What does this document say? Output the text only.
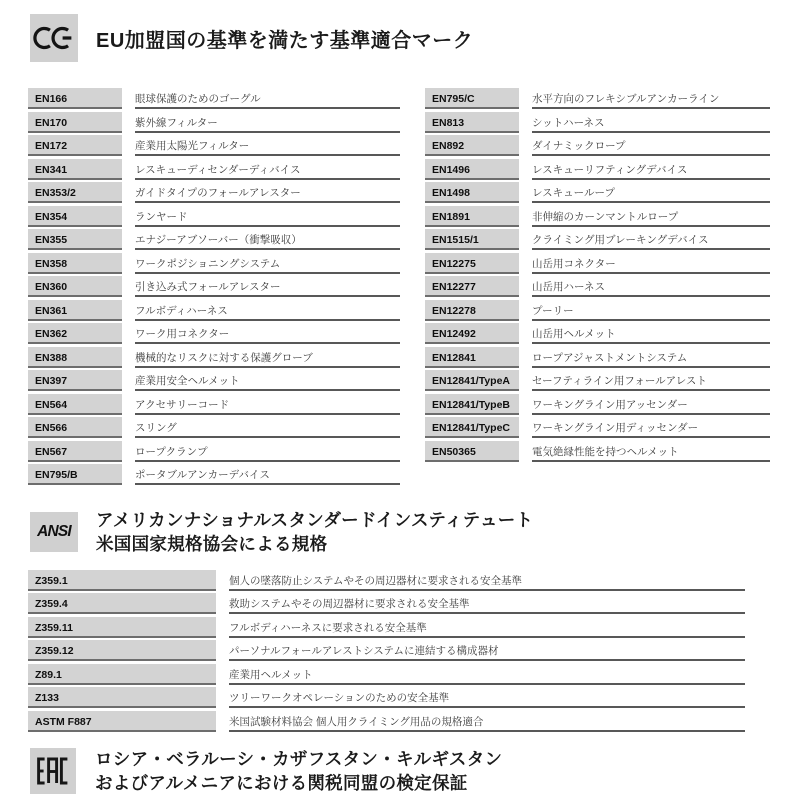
EU加盟国の基準を満たす基準適合マーク
EN166	眼球保護のためのゴーグル
EN170	紫外線フィルター
EN172	産業用太陽光フィルター
EN341	レスキューディセンダーディバイス
EN353/2	ガイドタイプのフォールアレスター
EN354	ランヤード
EN355	エナジーアブソーバー（衝撃吸収）
EN358	ワークポジショニングシステム
EN360	引き込み式フォールアレスター
EN361	フルボディハーネス
EN362	ワーク用コネクター
EN388	機械的なリスクに対する保護グローブ
EN397	産業用安全ヘルメット
EN564	アクセサリーコード
EN566	スリング
EN567	ロープクランプ
EN795/B	ポータブルアンカーデバイス
EN795/C	水平方向のフレキシブルアンカーライン
EN813	シットハーネス
EN892	ダイナミックロープ
EN1496	レスキューリフティングデバイス
EN1498	レスキューループ
EN1891	非伸縮のカーンマントルロープ
EN1515/1	クライミング用ブレーキングデバイス
EN12275	山岳用コネクター
EN12277	山岳用ハーネス
EN12278	プーリー
EN12492	山岳用ヘルメット
EN12841	ロープアジャストメントシステム
EN12841/TypeA	セーフティライン用フォールアレスト
EN12841/TypeB	ワーキングライン用アッセンダー
EN12841/TypeC	ワーキングライン用ディッセンダー
EN50365	電気絶縁性能を持つヘルメット
ANSI
アメリカンナショナルスタンダードインスティテュート
米国国家規格協会による規格
Z359.1	個人の墜落防止システムやその周辺器材に要求される安全基準
Z359.4	救助システムやその周辺器材に要求される安全基準
Z359.11	フルボディハーネスに要求される安全基準
Z359.12	パーソナルフォールアレストシステムに連結する構成器材
Z89.1	産業用ヘルメット
Z133	ツリーワークオペレーションのための安全基準
ASTM F887	米国試験材料協会 個人用クライミング用品の規格適合
ロシア・ベラルーシ・カザフスタン・キルギスタン
およびアルメニアにおける関税同盟の検定保証
